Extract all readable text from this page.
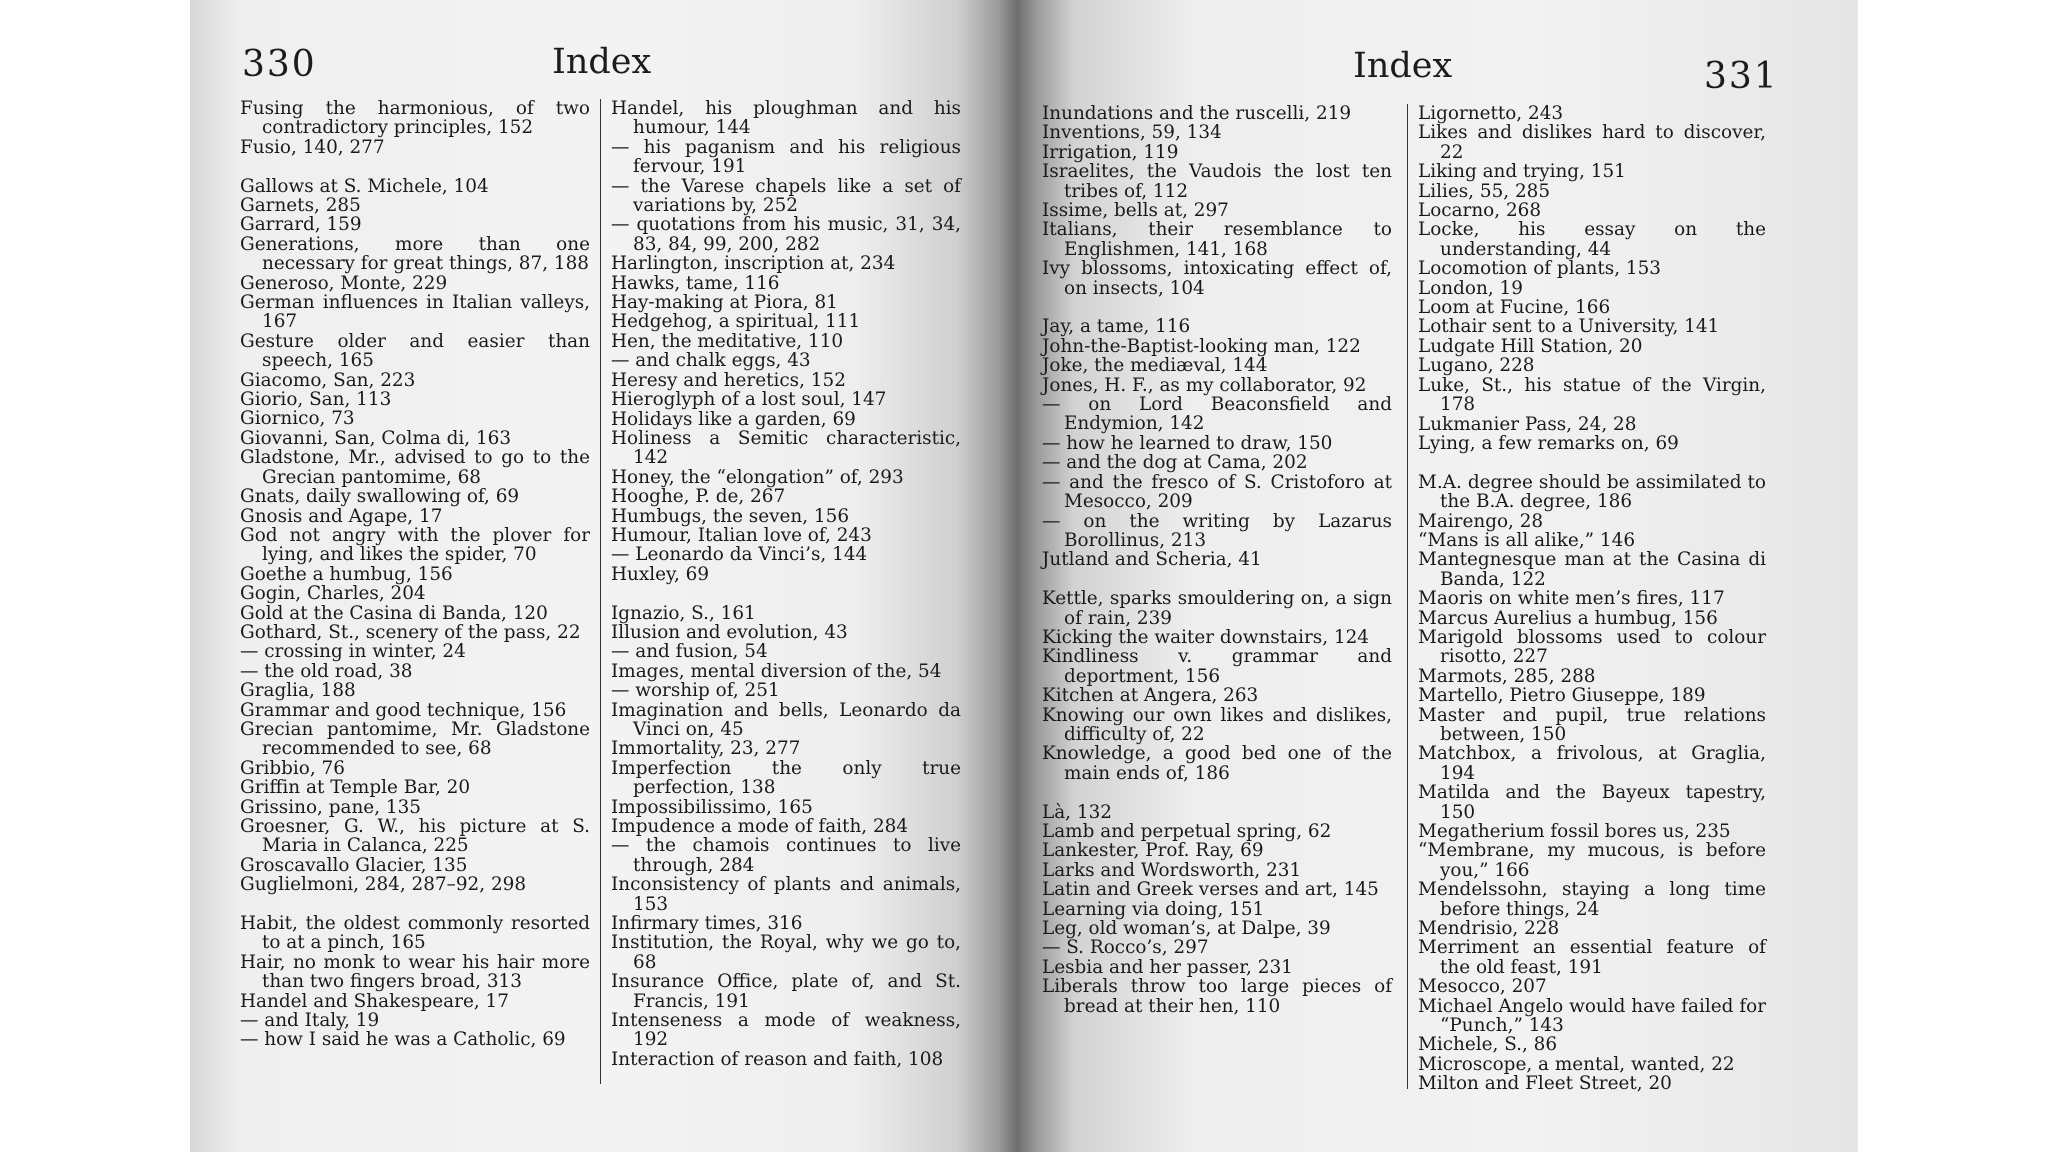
330	Index	Index	331
Fusing the harmonious, of two contradictory principles, 152
Fusio, 140, 277
Gallows at S. Michele, 104
Garnets, 285
Garrard, 159
Generations, more than one necessary for great things, 87, 188
Generoso, Monte, 229
German influences in Italian valleys, 167
Gesture older and easier than speech, 165
Giacomo, San, 223
Giorio, San, 113
Giornico, 73
Giovanni, San, Colma di, 163
Gladstone, Mr., advised to go to the Grecian pantomime, 68
Gnats, daily swallowing of, 69
Gnosis and Agape, 17
God not angry with the plover for lying, and likes the spider, 70
Goethe a humbug, 156
Gogin, Charles, 204
Gold at the Casina di Banda, 120
Gothard, St., scenery of the pass, 22
— crossing in winter, 24
— the old road, 38
Graglia, 188
Grammar and good technique, 156
Grecian pantomime, Mr. Gladstone recommended to see, 68
Gribbio, 76
Griffin at Temple Bar, 20
Grissino, pane, 135
Groesner, G. W., his picture at S. Maria in Calanca, 225
Groscavallo Glacier, 135
Guglielmoni, 284, 287–92, 298
Habit, the oldest commonly resorted to at a pinch, 165
Hair, no monk to wear his hair more than two fingers broad, 313
Handel and Shakespeare, 17
— and Italy, 19
— how I said he was a Catholic, 69
Handel, his ploughman and his humour, 144
— his paganism and his religious fervour, 191
— the Varese chapels like a set of variations by, 252
— quotations from his music, 31, 34, 83, 84, 99, 200, 282
Harlington, inscription at, 234
Hawks, tame, 116
Hay-making at Piora, 81
Hedgehog, a spiritual, 111
Hen, the meditative, 110
— and chalk eggs, 43
Heresy and heretics, 152
Hieroglyph of a lost soul, 147
Holidays like a garden, 69
Holiness a Semitic characteristic, 142
Honey, the “elongation” of, 293
Hooghe, P. de, 267
Humbugs, the seven, 156
Humour, Italian love of, 243
— Leonardo da Vinci’s, 144
Huxley, 69
Ignazio, S., 161
Illusion and evolution, 43
— and fusion, 54
Images, mental diversion of the, 54
— worship of, 251
Imagination and bells, Leonardo da Vinci on, 45
Immortality, 23, 277
Imperfection the only true perfection, 138
Impossibilissimo, 165
Impudence a mode of faith, 284
— the chamois continues to live through, 284
Inconsistency of plants and animals, 153
Infirmary times, 316
Institution, the Royal, why we go to, 68
Insurance Office, plate of, and St. Francis, 191
Intenseness a mode of weakness, 192
Interaction of reason and faith, 108
Inundations and the ruscelli, 219
Inventions, 59, 134
Irrigation, 119
Israelites, the Vaudois the lost ten tribes of, 112
Issime, bells at, 297
Italians, their resemblance to Englishmen, 141, 168
Ivy blossoms, intoxicating effect of, on insects, 104
Jay, a tame, 116
John-the-Baptist-looking man, 122
Joke, the mediæval, 144
Jones, H. F., as my collaborator, 92
— on Lord Beaconsfield and Endymion, 142
— how he learned to draw, 150
— and the dog at Cama, 202
— and the fresco of S. Cristoforo at Mesocco, 209
— on the writing by Lazarus Borollinus, 213
Jutland and Scheria, 41
Kettle, sparks smouldering on, a sign of rain, 239
Kicking the waiter downstairs, 124
Kindliness v. grammar and deportment, 156
Kitchen at Angera, 263
Knowing our own likes and dislikes, difficulty of, 22
Knowledge, a good bed one of the main ends of, 186
Là, 132
Lamb and perpetual spring, 62
Lankester, Prof. Ray, 69
Larks and Wordsworth, 231
Latin and Greek verses and art, 145
Learning via doing, 151
Leg, old woman’s, at Dalpe, 39
— S. Rocco’s, 297
Lesbia and her passer, 231
Liberals throw too large pieces of bread at their hen, 110
Ligornetto, 243
Likes and dislikes hard to discover, 22
Liking and trying, 151
Lilies, 55, 285
Locarno, 268
Locke, his essay on the understanding, 44
Locomotion of plants, 153
London, 19
Loom at Fucine, 166
Lothair sent to a University, 141
Ludgate Hill Station, 20
Lugano, 228
Luke, St., his statue of the Virgin, 178
Lukmanier Pass, 24, 28
Lying, a few remarks on, 69
M.A. degree should be assimilated to the B.A. degree, 186
Mairengo, 28
“Mans is all alike,” 146
Mantegnesque man at the Casina di Banda, 122
Maoris on white men’s fires, 117
Marcus Aurelius a humbug, 156
Marigold blossoms used to colour risotto, 227
Marmots, 285, 288
Martello, Pietro Giuseppe, 189
Master and pupil, true relations between, 150
Matchbox, a frivolous, at Graglia, 194
Matilda and the Bayeux tapestry, 150
Megatherium fossil bores us, 235
“Membrane, my mucous, is before you,” 166
Mendelssohn, staying a long time before things, 24
Mendrisio, 228
Merriment an essential feature of the old feast, 191
Mesocco, 207
Michael Angelo would have failed for “Punch,” 143
Michele, S., 86
Microscope, a mental, wanted, 22
Milton and Fleet Street, 20
